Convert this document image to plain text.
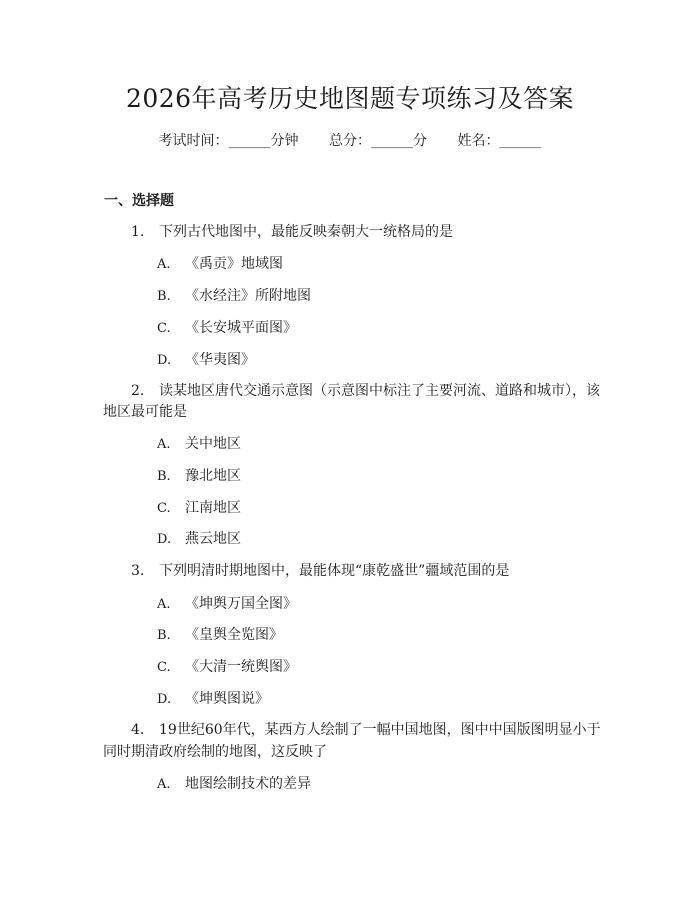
2026年高考历史地图题专项练习及答案
考试时间：______分钟 总分：______分 姓名：______
一、选择题
1. 下列古代地图中，最能反映秦朝大一统格局的是
A. 《禹贡》地域图
B. 《水经注》所附地图
C. 《长安城平面图》
D. 《华夷图》
2. 读某地区唐代交通示意图（示意图中标注了主要河流、道路和城市），该
地区最可能是
A. 关中地区
B. 豫北地区
C. 江南地区
D. 燕云地区
3. 下列明清时期地图中，最能体现“康乾盛世”疆域范围的是
A. 《坤舆万国全图》
B. 《皇舆全览图》
C. 《大清一统舆图》
D. 《坤舆图说》
4. 19世纪60年代，某西方人绘制了一幅中国地图，图中中国版图明显小于
同时期清政府绘制的地图，这反映了
A. 地图绘制技术的差异
